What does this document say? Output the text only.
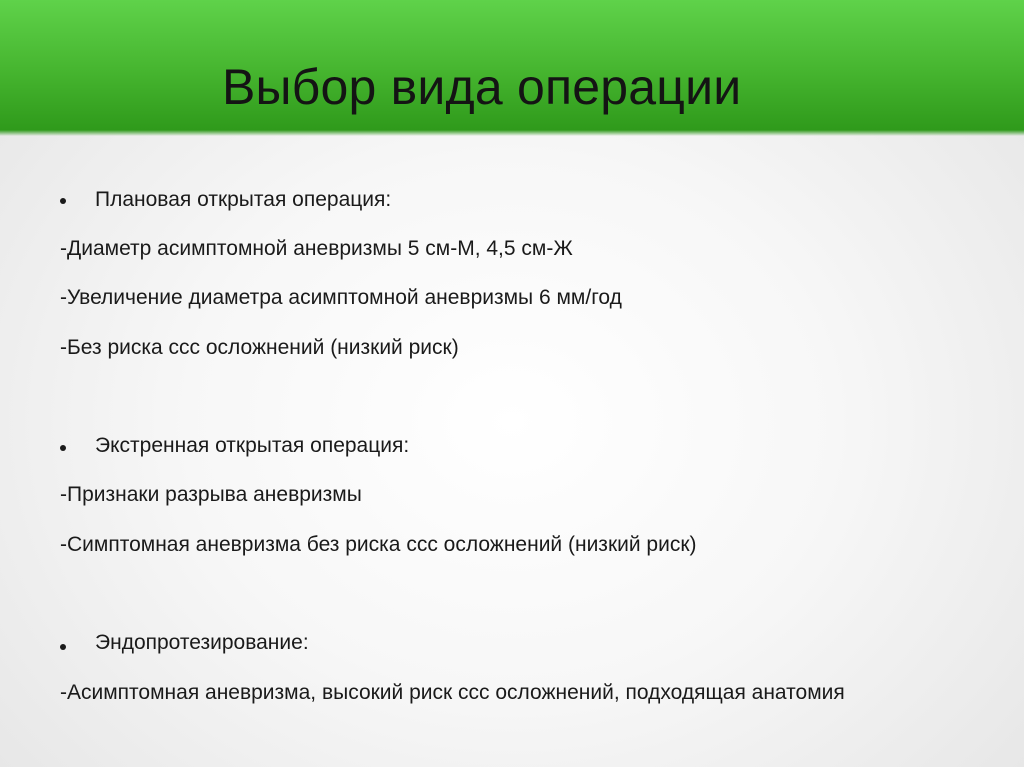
Выбор вида операции
Плановая открытая операция:
-Диаметр асимптомной аневризмы 5 см-М, 4,5 см-Ж
-Увеличение диаметра асимптомной аневризмы 6 мм/год
-Без риска ссс осложнений (низкий риск)
Экстренная открытая операция:
-Признаки разрыва аневризмы
-Симптомная аневризма без риска ссс осложнений (низкий риск)
Эндопротезирование:
-Асимптомная аневризма, высокий риск ссс осложнений, подходящая анатомия
